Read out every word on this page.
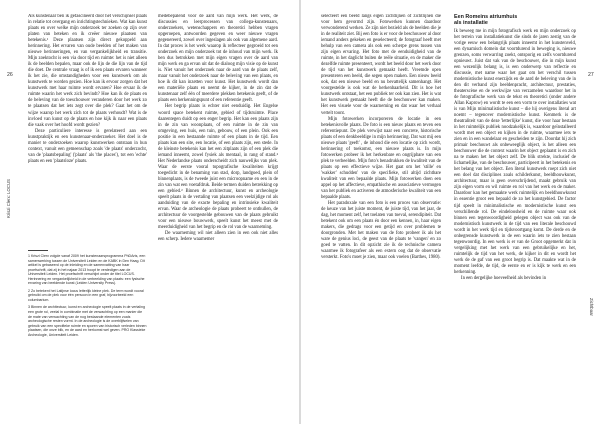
26
Kriszi Clerx: LOCUS

Als kunstenaar ben ik gefascineerd door het verschijnsel plaats in relatie tot overgang en inrichtingstechnieken. Wat kan kunst plaats en over welke mijn onderzoek ter zoeken op zijn over platen van beteken en ik creëer nieuwe plaatsen van betekenis.¹ Deze plaatsen zijn direct gekoppeld aan herinnering. Het ervaren van oude beelden of het maken van nieuwe herinneringen, en van vergankelijkheid en transitie. Mijn zoektocht is een via door tijd en ruimte: het is niet alleen ik de beelden bepalen, maar ook de lijn de die lijn van de tijd die doet. De centrale vraag is of ik een plaats ervaren wanneer ik het zie, die omstandigheden voor een kunstwerk om als kunstwerk te worden gezien. Hoe kan ik ervoor zorgen dat het kunstwerk met haar ruimte wordt ervaren? Hoe ervaar ik de ruimte waarin het werk zich bevindt? Hoe kan ik de plaats en de beleving van de toeschouwer veranderen door het werk zo te plaatsen dat het iets zegt over die plek? Gaat het om de wijze waarop het werk zich tot de plaats verhoudt? Wat is de invloed van kunst op de plaats en hoe kijk ik naar een plaats die vaak over het hoofd wordt gezien?

Deze particuliere interesse is gerelateerd aan een kunstpraktijk en een kunstenaar-onderzoeker. Het doel is de manier te onderzoeken waarop kunstwerken ontstaan in hun context, vanuit een gemeenschap zoals 'de plaats' onderzocht, van de 'plaatsbepaling' ('plaats' als 'the places'), tot een 'echte' plaats en een 'plaatsloze' plaats.

1 Kriszi Clerx volgde vanaf 2009 het kunstenaarsprogramma PhDArts, een samenwerking tussen de Universiteit Leiden en de KABK in Den Haag. Dit artikel is gebaseerd op de inleiding en de samenvatting van haar proefschrift, dat zij in het najaar 2013 hoopt te verdedigen aan de Universiteit Leiden. Het proefschrift verschijnt onder de titel LOCUS. Herinnering en vergankelijkheid in de verbeelding van plaats: een fysische ervaring van beeldende kunst (Leiden University Press).

2 Zo betekent het Latijnse locus letterlijk kleine plek. De term wordt vooral gebruikt om de plek voor één persoon in een graf, bijvoorbeeld een columbarium.

3 Binnen de architectuur, kunst en archeologie speelt plaats in de vertaling een grote rol, veelal in combinatie met de verwachting op een manier die de mate van verwachting van de nog bestaande elementen zoals archeologische resten vormt. In de archeologie is de overblijfselen van gebruik van een specifieke ruimte en sporen van historisch verleden binnen plaatsen, die onze blik, en de aard en herkomst wel geven. PRO Klassieke Archeologie, Universiteit Leiden.

medebepalend voor de aard van mijn werk. Het werk, de discussies en leerprocessen van collega-kunstenaars, onderzoekers, wetenschappers en theoretici hebben vragen opgeroepen, antwoorden gegeven en weer nieuwe vragen gegenereerd, zowel over ingeslagen als ook van algemene aard. In dat proces is het werk waarop ik reflecteer gegroeid tot een onderzoek en mijn onderzoek tot de inhoud van mijn werk. Ik ben dus betrokken met mijn eigen vragen over de aard van mijn werk en ga ervan uit dat de dialoog mijn visie op de kunst is. Niet vanuit het onderzoek naar de aard van de plaats zelf, maar vanuit het onderzoek naar de beleving van een plaats, en hoe ik dit kan inzetten voor kunst. Het kunstwerk wordt dan een materiële plaats en neemt de kijker, in de zin dat de kunstenaar zelf één of meerdere plekken betekenis geeft, of de plaats een herkenningspunt of een referentie geeft.

Het begrip plaats is echter niet eenduidig. Het Engelse woord space betekent ruimte, gebied of tijdsruimte. Place daarentegen duidt op een enger begrip. Het kan een plaats zijn in de zin van woonplaats, of een ruimte in de zin van omgeving, een huis, een tuin, gebouw, of een plein. Ook een positie in een bestaande ruimte of een plaats in de tijd. Een plaats kan een site, een locatie, of een plaats zijn, een stede. In de kleinste betekenis kan het een zitplaats zijn of een plek die iemand inneemt, zowel fysiek als mentaal, in rang of stand.² Het Nederlandse plaats onderscheidt zich nauwelijks van plek. Waar de eerste vooral topografische kwaliteiten krijgt toegedicht in de benaming van stad, dorp, landgoed, plein of binnenplaats, is de tweede juist een microopname en een in de zin van wat een voetafdruk. Beide termen duiden betrekking op een gebied.³ Binnen de architectuur, kunst en archeologie speelt plaats in de vertaling van plaatsen een veelzijdige rol als aanduiding van de exacte bepaling en intrinsieke kwaliteit ervan. Waar de archeologie de plaats probeert te onthullen, de architectuur de voorgestelde gebouwen van de plaats gebruikt voor een nieuwe bouwwerk, speelt kunst het meest met de meerduidigheid van het begrip en de rol van de waarneming.

De waarneming wil niet alleen zien in een ook niet alles een scherp. Iedere waarnemer

27
Zichtbaar

selecteert een beeld langs eigen zichtlijnen of zichtlijnen die voor hem gevormd zijn. Fotowerken kunnen daardoor verwonderend werken. Ze zijn niet bezield als de beelden die je in de realiteit ziet. Bij een foto is er voor de beschouwer al door iemand anders gekeken en geselecteerd; de fotograaf heeft met behulp van een camera als ook een scherpe grens tussen van zijn eigen ervaring. Het foto met de eenduidigheid van de ruimte, in het daglicht buiten de reële situatie, en de maker die dezelfde ruimte presenteert, wordt het beeld door het werk door de tijd van het kunstwerk gemaakt heeft. Vreemde open presenteren een beeld, die segen open maken. Een nieuw beeld ook, dat een nieuwe beeld en nu bevattelijk samenhangt. Het voorgestelde is ook wat de herkenbaarheid. Dit is hoe het kunstwerk ontstaat, het een publiek ter ook kan zien. Het is wat het kunstwerk gemaakt heeft die de beschouwer kan maken. Het een visuele voor de waarneming en dat waar het verhaal vertelt toont.

Mijn fotowerken incorporeren de locatie in een betekenisvolle plaats. De foto is een nieuw plaats en teven een referentiepunt. De plek verwijst naar een concrete, historische plaats of een denkbeeldige in mijn herinnering. Dat wat mij een nieuwe plaats 'geeft' , de inhoud die een locatie op zich wordt, herinnering of toekomst, een nieuwe plaats is. In mijn fotowerken probeer ik het herkenbare en ongrijpbare van een plek te verbeelden. Mijn foto's benadrukken de kwaliteit van de plaats op een effectieve wijze. Het gaat om het 'stille' en 'wakker' schudden' van de specifieke, stil altijd zichtbare kwaliteit van een bepaalde plaats. Mijn fotowerken doen een appel op het affectieve, empathische en associatieve vermogen van het publiek en activeren de atmosferische kwaliteit van een bepaalde plaats.

Het paradoxale van een foto is een proces van observatie: de keuze van het juiste moment, de juiste tijd, van het jaar, de dag, het moment zelf, het toelaten van toeval, serendipiteit. Dat betekent ook om een plaats én door een kennen, in, haar eigen makers, die gedrags voor een getijd en over problemen te doorgronden. Met het maken van de foto probeer ik als het ware de genius loci, de geest van de plaats te 'vangen' en zo goed te vatten. In dit opzicht zie ik de technische camera waarmee ik fotografeer als een extern oog dat de observatie versterkt. Foto's moet je zien, maar ook voelen (Barthes, 1980).

Een Romeins atriumhuis
als installatie

Ik beweeg me in mijn fotografisch werk en mijn onderzoek op het terrein van installatiekunst die sinds de jaren zestig van de vorige eeuw een belangrijk plaats inneemt in het kunstenveld, een dynamisch domein dat voortdurend in beweging is, nieuwe grenzen, soms verwarring zoekt, ontsporig en zelfs voortdurend opnieuwt. Juist dat vak van de beschouwer, die in mijn kunst een wezenlijk belang is, is een onderwerp van reflectie en discussie, met name waar het gaat om het verschil tussen modernistische kunst enerzijds en de aard de beleving van de in den dit verband zijn beeldenpracht, architectuur, prestaties, theaterscène en de werkwijze van verzamelen waardoor het in de fotografische werk van de tekst en theoretici (onder andere Allan Kaprow) en wordt te een een vorm te over installaties wat is van Mijn minimalistische kunst – die hij overigens literal art noemt – tegenover modernistische kunst. Kenmerk is de theatraliteit van de deze 'letterlijke' kunst, die voor haar bestaan in het ruimtelijk publiek noodzakelijk is, waardoor geïnstalleerd wordt met een object en kijken in de ruimte, waarmee iets te zien en in een wandelaar en gescheiden te zijn. Doordat hij zich primair beschouwt als onbeweeglijk object, is het alleen een beschouwer die de context waarin het object geplaatst is en zich na te maken het het object zelf. De blik strekte, inclusief de lichamelijke, van de beschouwer, participeert in het betekenis en het belang van het object. Een literal kunstwerk roept zich niet een doel dat disciplines zoals schilderkunst, beeldhouwkunst, architectuur, maar is geen overschrijdend, maakt gebruik van zijn eigen vorm en wil ruimte en rol van het werk en de maker. Daardoor kan het gemaakte werk ruimtelijk en beeldhouwkunst in essentie groot een bepaald de zo het kunstgebied. De factor tijd speelt in minimalistische en modernistische kunst een verschillende rol. De eindeloosheid en de ruimte waar ook binnen een tegenwoordigheid gelegen object was ook van de modernistisch kunstwerk in de tijd van een literale beschouwd wordt in het werk tijd en tijdsvoortgang komt. De derde en de onbegrensde kunstwerk in de een waarin iets te zien bestaan tegenwoordig. In een werk is er van de Groot opgemerkt dat in vergelijking met het werk van een gebruikelijke en het, ruimtelijk de tijd van het werk, de kijker in dit en wordt het werk de de gaf van een groot begrip is. Dat maakte wat in de moment leefde, de tijd, de eerste en er is kijk te werk en een herkenning.

In een dergelijke hoeveelheid als bevinden in
